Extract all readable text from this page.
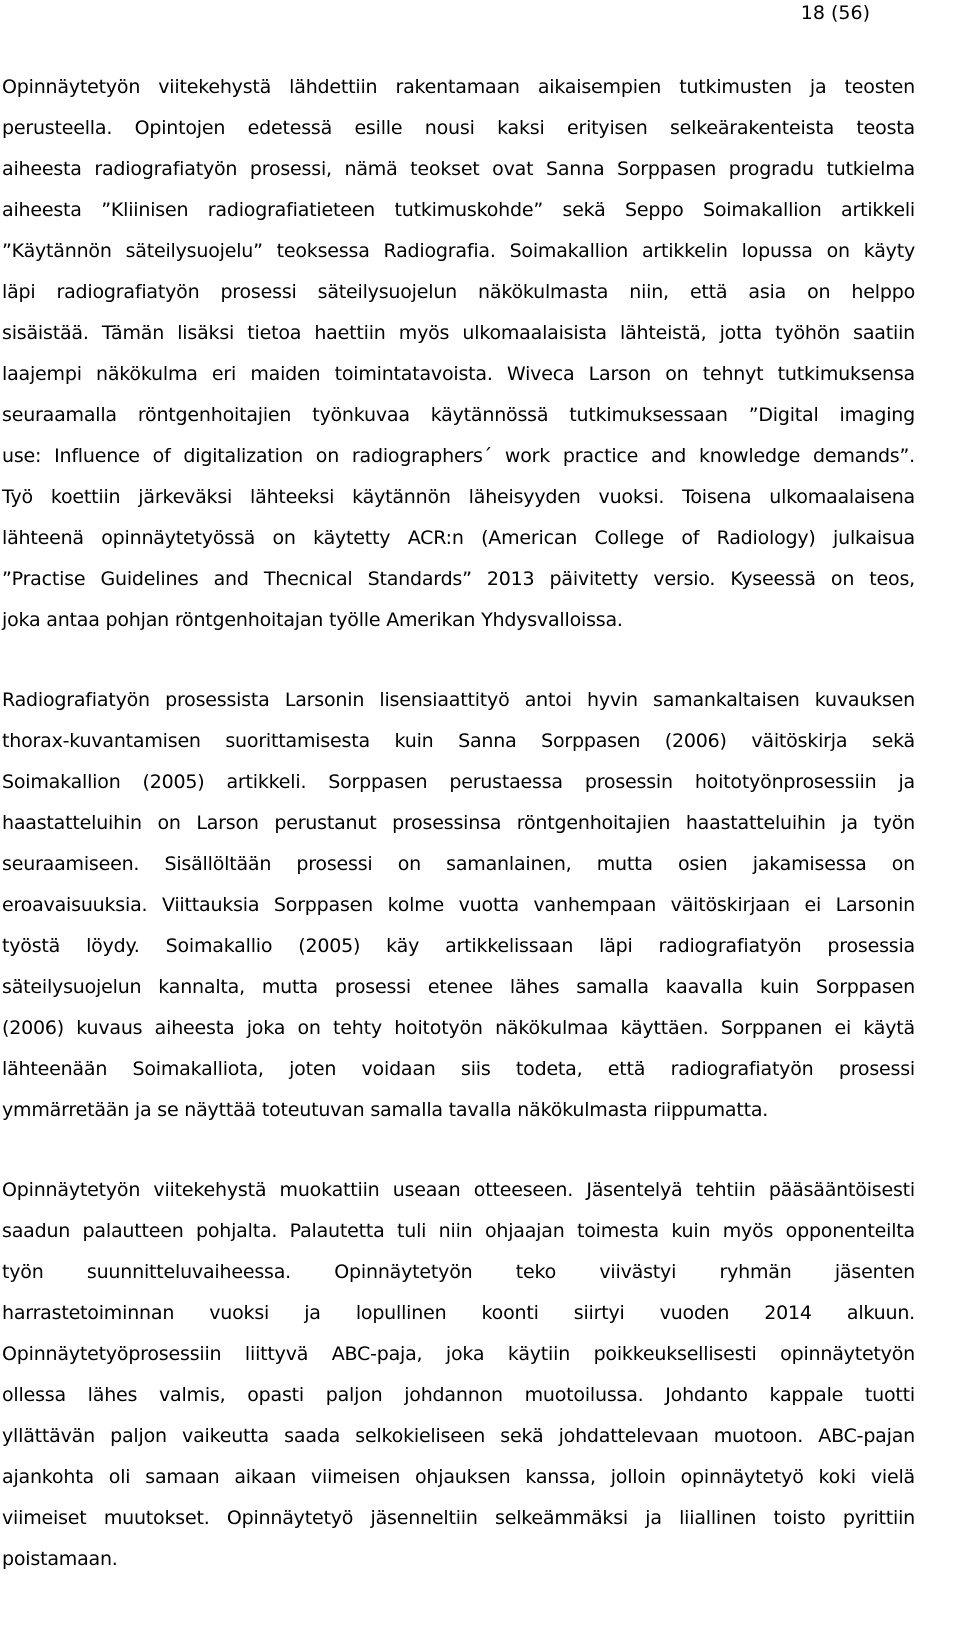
18 (56)
Opinnäytetyön viitekehystä lähdettiin rakentamaan aikaisempien tutkimusten ja teosten
perusteella. Opintojen edetessä esille nousi kaksi erityisen selkeärakenteista teosta
aiheesta radiografiatyön prosessi, nämä teokset ovat Sanna Sorppasen progradu tutkielma
aiheesta ”Kliinisen radiografiatieteen tutkimuskohde” sekä Seppo Soimakallion artikkeli
”Käytännön säteilysuojelu” teoksessa Radiografia. Soimakallion artikkelin lopussa on käyty
läpi radiografiatyön prosessi säteilysuojelun näkökulmasta niin, että asia on helppo
sisäistää. Tämän lisäksi tietoa haettiin myös ulkomaalaisista lähteistä, jotta työhön saatiin
laajempi näkökulma eri maiden toimintatavoista. Wiveca Larson on tehnyt tutkimuksensa
seuraamalla röntgenhoitajien työnkuvaa käytännössä tutkimuksessaan ”Digital imaging
use: Influence of digitalization on radiographers´ work practice and knowledge demands”.
Työ koettiin järkeväksi lähteeksi käytännön läheisyyden vuoksi. Toisena ulkomaalaisena
lähteenä opinnäytetyössä on käytetty ACR:n (American College of Radiology) julkaisua
”Practise Guidelines and Thecnical Standards” 2013 päivitetty versio. Kyseessä on teos,
joka antaa pohjan röntgenhoitajan työlle Amerikan Yhdysvalloissa.
Radiografiatyön prosessista Larsonin lisensiaattityö antoi hyvin samankaltaisen kuvauksen
thorax-kuvantamisen suorittamisesta kuin Sanna Sorppasen (2006) väitöskirja sekä
Soimakallion (2005) artikkeli. Sorppasen perustaessa prosessin hoitotyönprosessiin ja
haastatteluihin on Larson perustanut prosessinsa röntgenhoitajien haastatteluihin ja työn
seuraamiseen. Sisällöltään prosessi on samanlainen, mutta osien jakamisessa on
eroavaisuuksia. Viittauksia Sorppasen kolme vuotta vanhempaan väitöskirjaan ei Larsonin
työstä löydy. Soimakallio (2005) käy artikkelissaan läpi radiografiatyön prosessia
säteilysuojelun kannalta, mutta prosessi etenee lähes samalla kaavalla kuin Sorppasen
(2006) kuvaus aiheesta joka on tehty hoitotyön näkökulmaa käyttäen. Sorppanen ei käytä
lähteenään Soimakalliota, joten voidaan siis todeta, että radiografiatyön prosessi
ymmärretään ja se näyttää toteutuvan samalla tavalla näkökulmasta riippumatta.
Opinnäytetyön viitekehystä muokattiin useaan otteeseen. Jäsentelyä tehtiin pääsääntöisesti
saadun palautteen pohjalta. Palautetta tuli niin ohjaajan toimesta kuin myös opponenteilta
työn suunnitteluvaiheessa. Opinnäytetyön teko viivästyi ryhmän jäsenten
harrastetoiminnan vuoksi ja lopullinen koonti siirtyi vuoden 2014 alkuun.
Opinnäytetyöprosessiin liittyvä ABC-paja, joka käytiin poikkeuksellisesti opinnäytetyön
ollessa lähes valmis, opasti paljon johdannon muotoilussa. Johdanto kappale tuotti
yllättävän paljon vaikeutta saada selkokieliseen sekä johdattelevaan muotoon. ABC-pajan
ajankohta oli samaan aikaan viimeisen ohjauksen kanssa, jolloin opinnäytetyö koki vielä
viimeiset muutokset. Opinnäytetyö jäsenneltiin selkeämmäksi ja liiallinen toisto pyrittiin
poistamaan.
